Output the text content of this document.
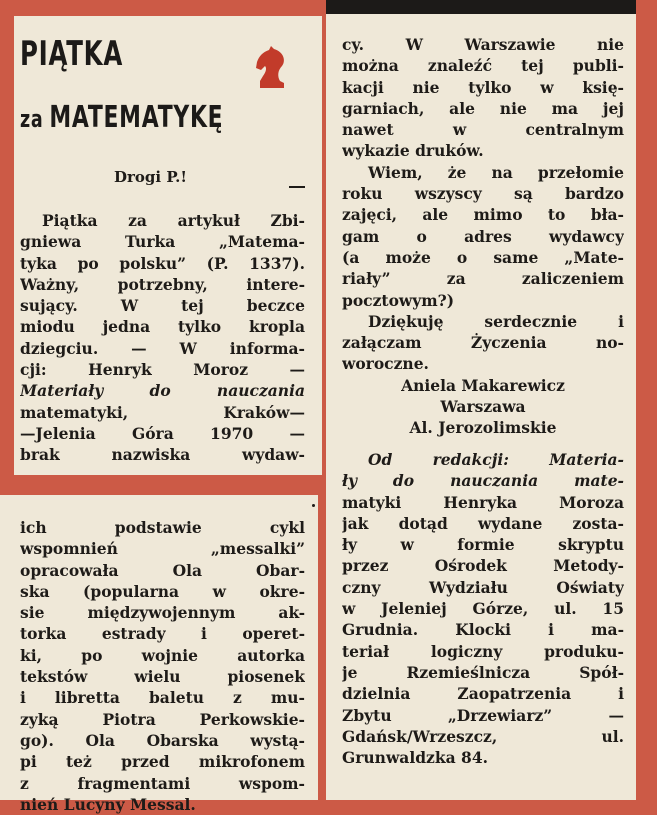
PIĄTKA
za MATEMATYKĘ
Drogi P.!
Piątka za artykuł Zbi-
gniewa Turka „Matema-
tyka po polsku” (P. 1337).
Ważny, potrzebny, intere-
sujący. W tej beczce
miodu jedna tylko kropla
dziegciu. — W informa-
cji: Henryk Moroz —
Materiały do nauczania
matematyki, Kraków—
—Jelenia Góra 1970 —
brak nazwiska wydaw-
cy. W Warszawie nie
można znaleźć tej publi-
kacji nie tylko w księ-
garniach, ale nie ma jej
nawet w centralnym
wykazie druków.
Wiem, że na przełomie
roku wszyscy są bardzo
zajęci, ale mimo to bła-
gam o adres wydawcy
(a może o same „Mate-
riały” za zaliczeniem
pocztowym?)
Dziękuję serdecznie i
załączam Życzenia no-
woroczne.
Aniela Makarewicz
Warszawa
Al. Jerozolimskie
Od redakcji: Materia-
ły do nauczania mate-
matyki Henryka Moroza
jak dotąd wydane zosta-
ły w formie skryptu
przez Ośrodek Metody-
czny Wydziału Oświaty
w Jeleniej Górze, ul. 15
Grudnia. Klocki i ma-
teriał logiczny produku-
je Rzemieślnicza Spół-
dzielnia Zaopatrzenia i
Zbytu „Drzewiarz” —
Gdańsk/Wrzeszcz, ul.
Grunwaldzka 84.
ich podstawie cykl
wspomnień „messalki”
opracowała Ola Obar-
ska (popularna w okre-
sie międzywojennym ak-
torka estrady i operet-
ki, po wojnie autorka
tekstów wielu piosenek
i libretta baletu z mu-
zyką Piotra Perkowskie-
go). Ola Obarska wystą-
pi też przed mikrofonem
z fragmentami wspom-
nień Lucyny Messal.
